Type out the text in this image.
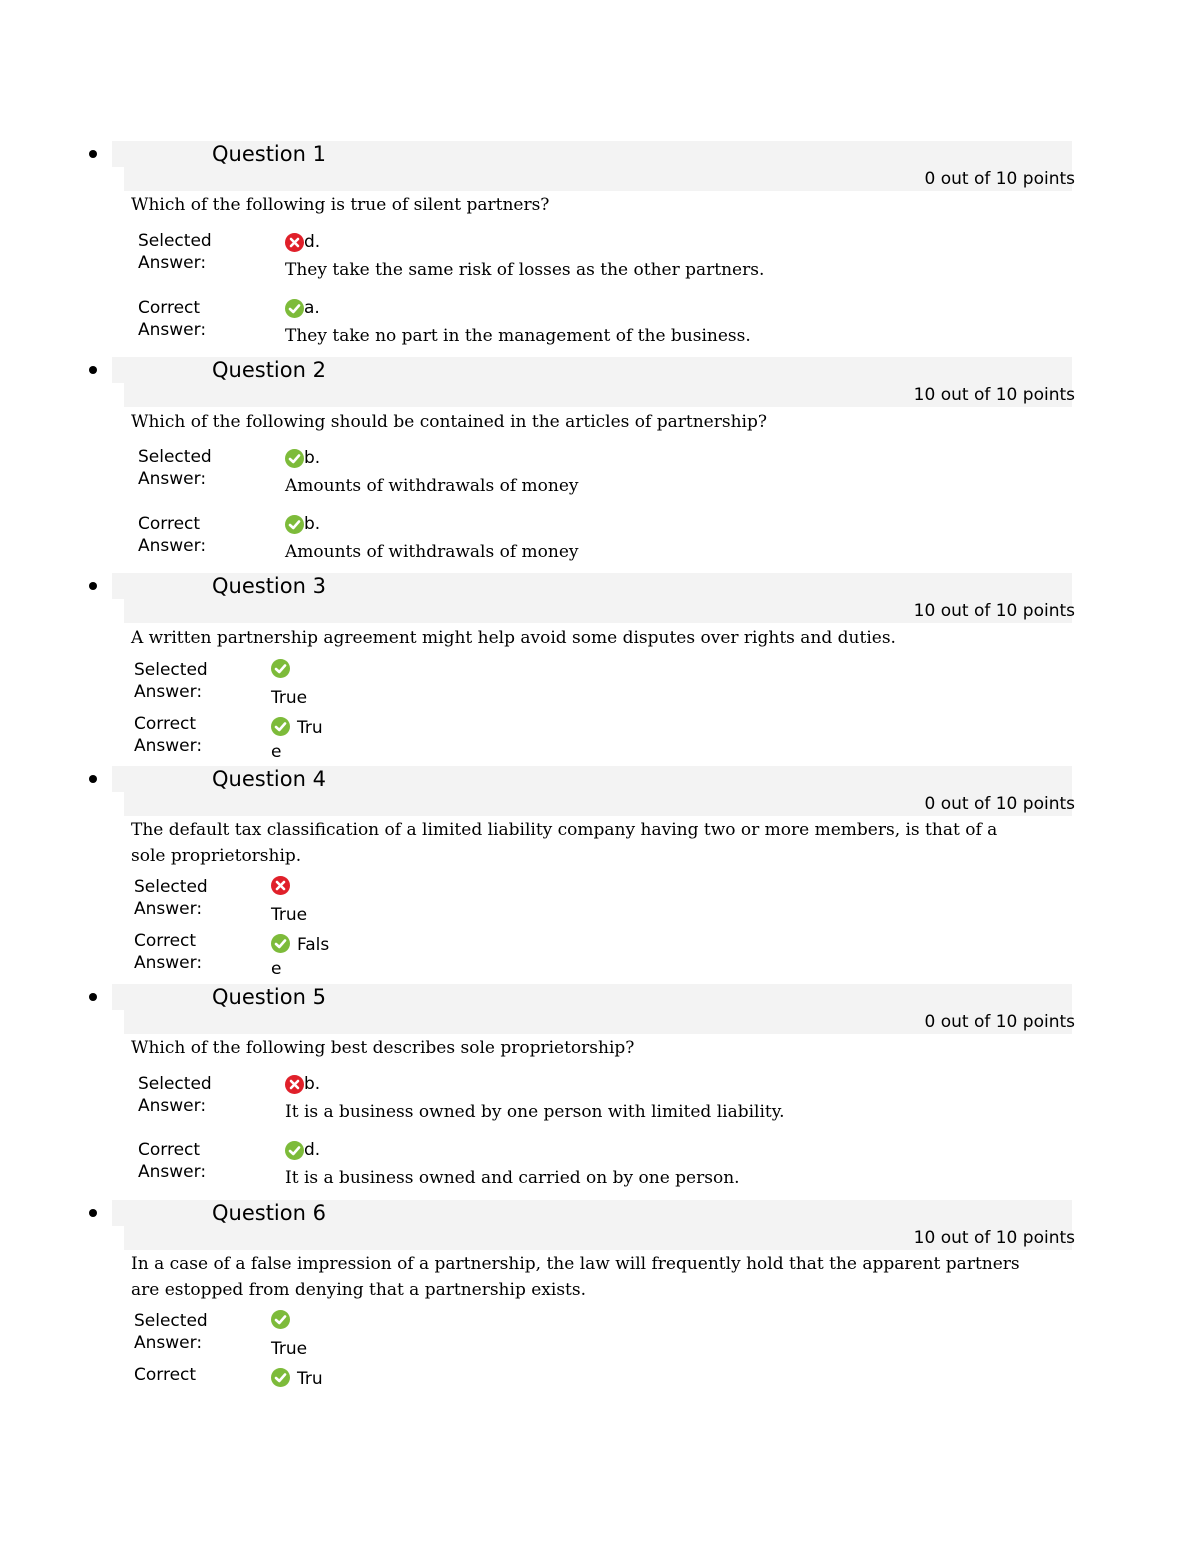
Question 1
0 out of 10 points
Which of the following is true of silent partners?
Selected
Answer:
d.
They take the same risk of losses as the other partners.
Correct
Answer:
a.
They take no part in the management of the business.
Question 2
10 out of 10 points
Which of the following should be contained in the articles of partnership?
Selected
Answer:
b.
Amounts of withdrawals of money
Correct
Answer:
b.
Amounts of withdrawals of money
Question 3
10 out of 10 points
A written partnership agreement might help avoid some disputes over rights and duties.
Selected
Answer:	True
Correct
Answer:
Tru
e
Question 4
0 out of 10 points
The default tax classification of a limited liability company having two or more members, is that of a
sole proprietorship.
Selected
Answer:	True
Correct
Answer:
Fals
e
Question 5
0 out of 10 points
Which of the following best describes sole proprietorship?
Selected
Answer:
b.
It is a business owned by one person with limited liability.
Correct
Answer:
d.
It is a business owned and carried on by one person.
Question 6
10 out of 10 points
In a case of a false impression of a partnership, the law will frequently hold that the apparent partners
are estopped from denying that a partnership exists.
Selected
Answer:	True
Correct	Tru
